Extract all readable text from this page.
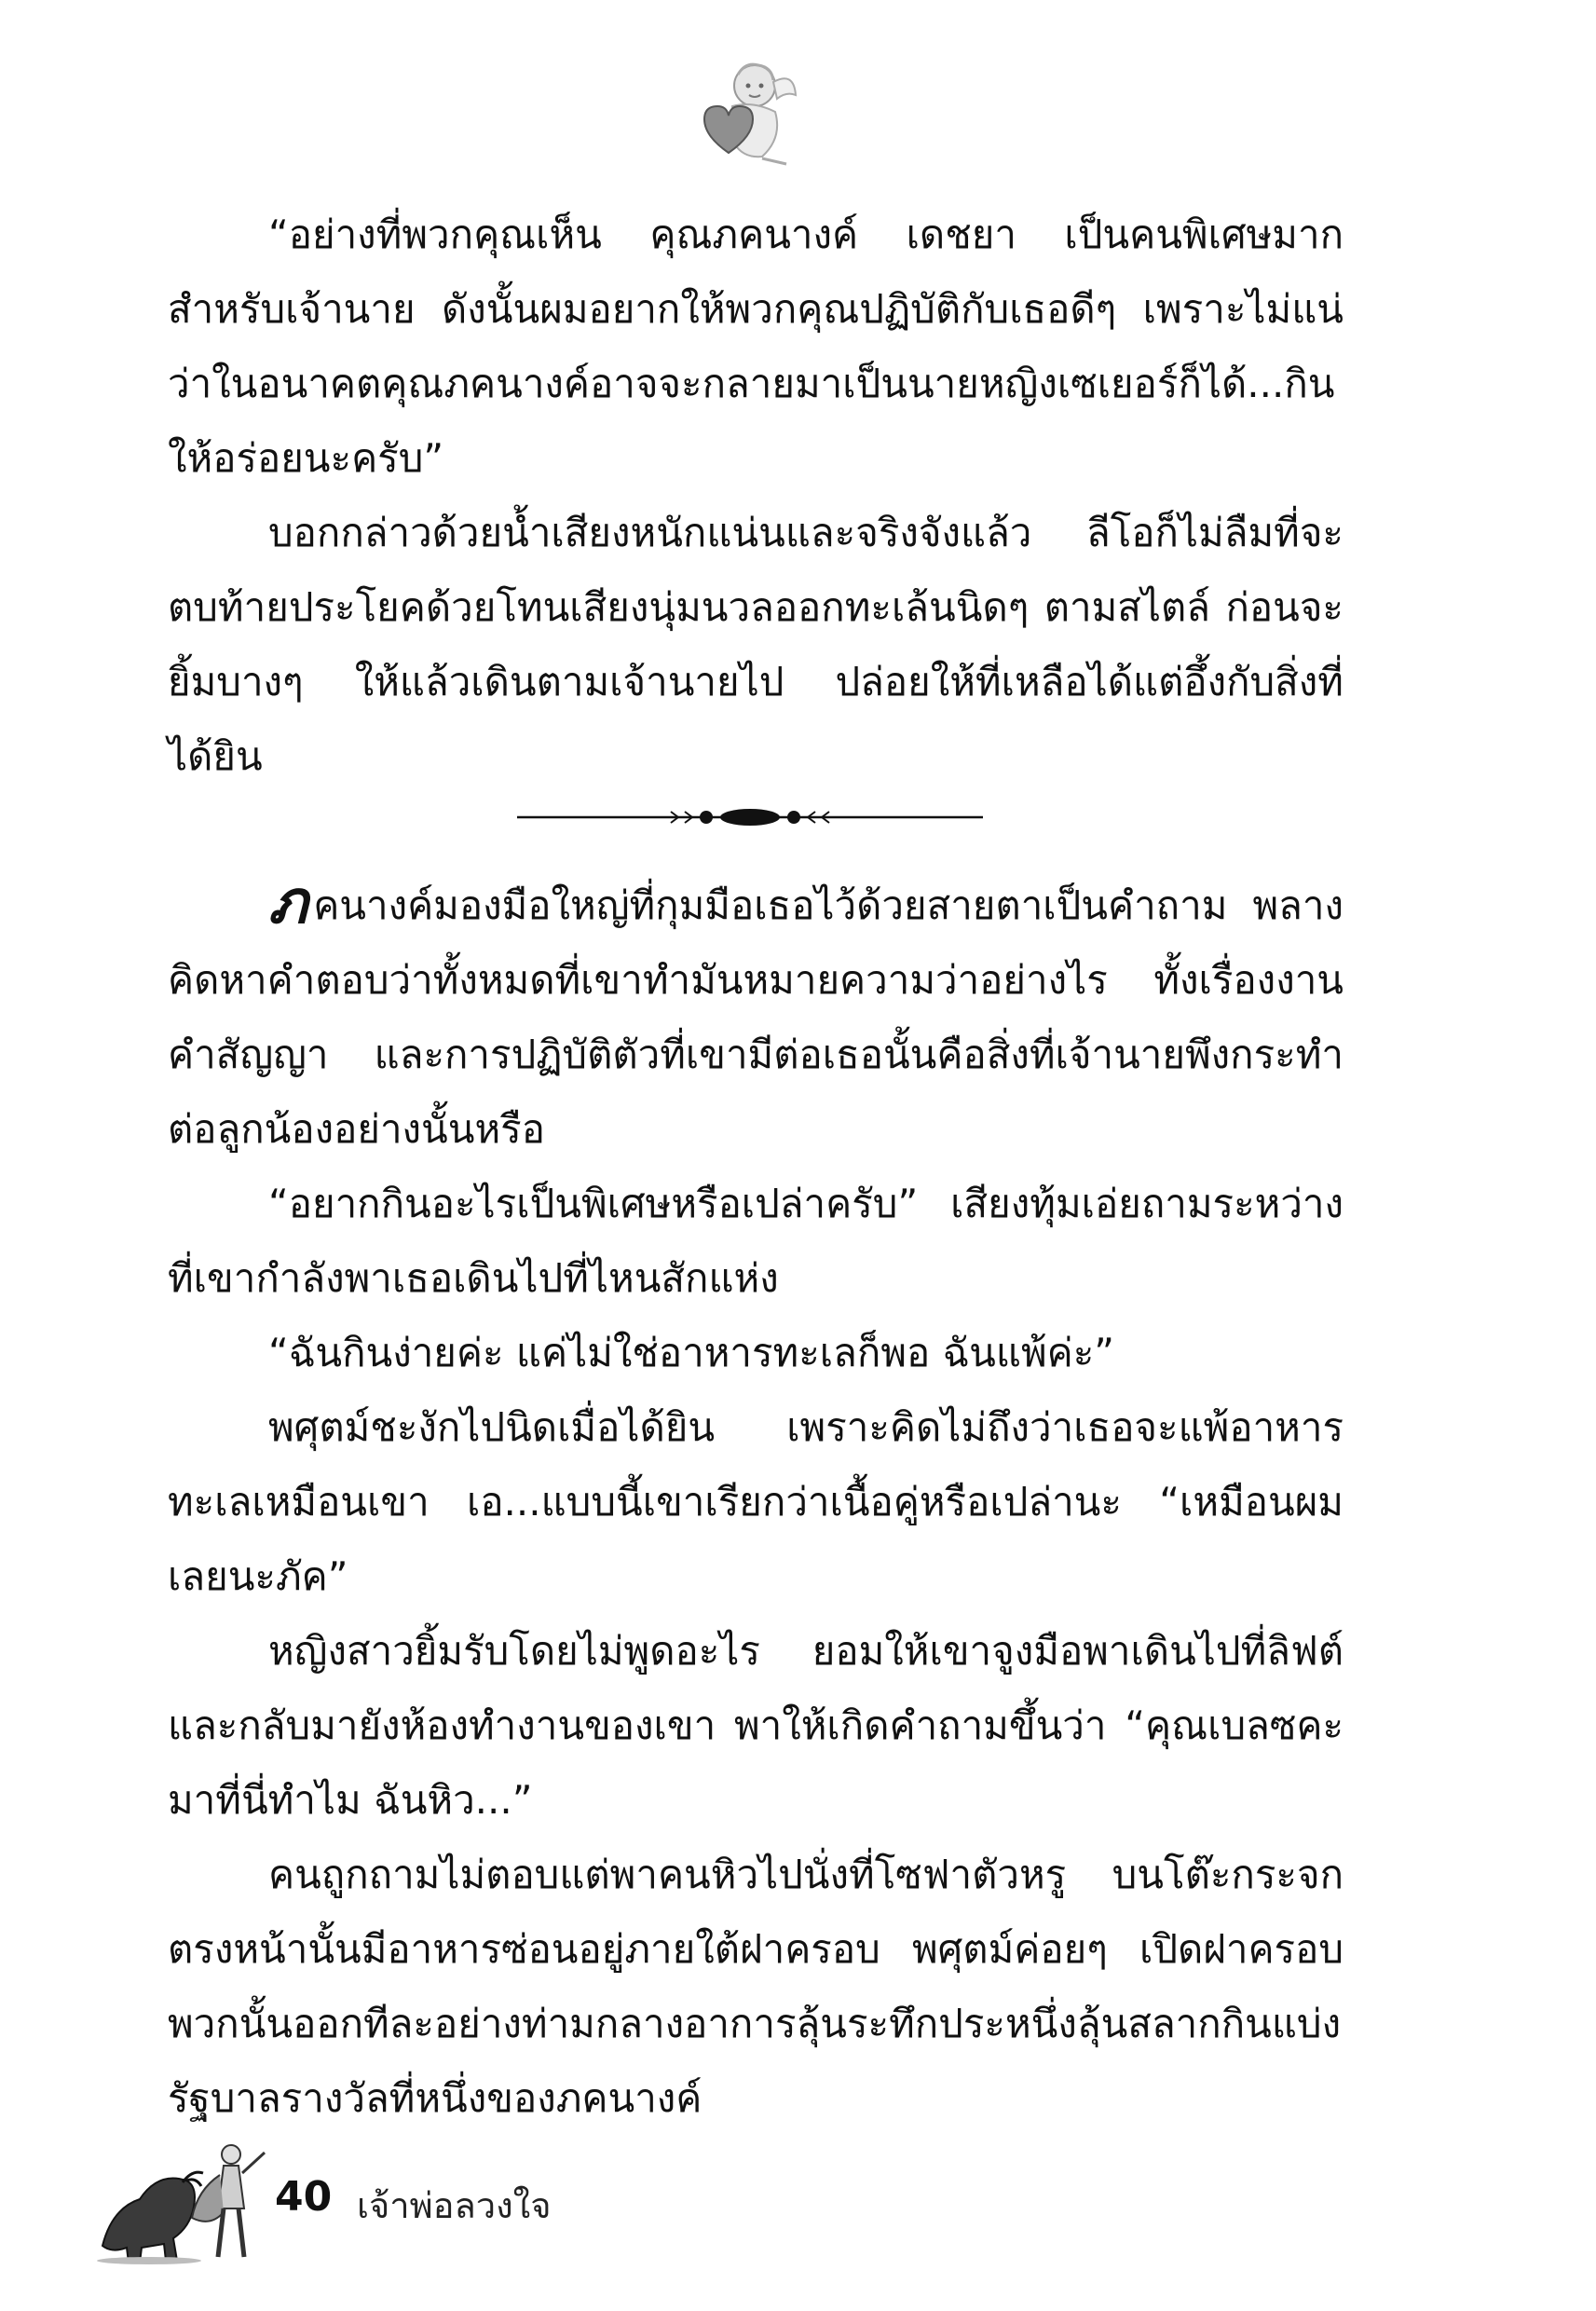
“อย่างที่พวกคุณเห็น คุณภคนางค์ เดชยา เป็นคนพิเศษมากสำหรับเจ้านาย ดังนั้นผมอยากให้พวกคุณปฏิบัติกับเธอดีๆ เพราะไม่แน่ว่าในอนาคตคุณภคนางค์อาจจะกลายมาเป็นนายหญิงเซเยอร์ก็ได้...กินให้อร่อยนะครับ”

บอกกล่าวด้วยน้ำเสียงหนักแน่นและจริงจังแล้ว ลีโอก็ไม่ลืมที่จะตบท้ายประโยคด้วยโทนเสียงนุ่มนวลออกทะเล้นนิดๆ ตามสไตล์ ก่อนจะยิ้มบางๆ ให้แล้วเดินตามเจ้านายไป ปล่อยให้ที่เหลือได้แต่อึ้งกับสิ่งที่ได้ยิน

ภคนางค์มองมือใหญ่ที่กุมมือเธอไว้ด้วยสายตาเป็นคำถาม พลางคิดหาคำตอบว่าทั้งหมดที่เขาทำมันหมายความว่าอย่างไร ทั้งเรื่องงาน คำสัญญา และการปฏิบัติตัวที่เขามีต่อเธอนั้นคือสิ่งที่เจ้านายพึงกระทำต่อลูกน้องอย่างนั้นหรือ

“อยากกินอะไรเป็นพิเศษหรือเปล่าครับ” เสียงทุ้มเอ่ยถามระหว่างที่เขากำลังพาเธอเดินไปที่ไหนสักแห่ง

“ฉันกินง่ายค่ะ แค่ไม่ใช่อาหารทะเลก็พอ ฉันแพ้ค่ะ”

พศุตม์ชะงักไปนิดเมื่อได้ยิน เพราะคิดไม่ถึงว่าเธอจะแพ้อาหารทะเลเหมือนเขา เอ...แบบนี้เขาเรียกว่าเนื้อคู่หรือเปล่านะ “เหมือนผมเลยนะภัค”

หญิงสาวยิ้มรับโดยไม่พูดอะไร ยอมให้เขาจูงมือพาเดินไปที่ลิฟต์และกลับมายังห้องทำงานของเขา พาให้เกิดคำถามขึ้นว่า “คุณเบลซคะมาที่นี่ทำไม ฉันหิว...”

คนถูกถามไม่ตอบแต่พาคนหิวไปนั่งที่โซฟาตัวหรู บนโต๊ะกระจกตรงหน้านั้นมีอาหารซ่อนอยู่ภายใต้ฝาครอบ พศุตม์ค่อยๆ เปิดฝาครอบพวกนั้นออกทีละอย่างท่ามกลางอาการลุ้นระทึกประหนึ่งลุ้นสลากกินแบ่งรัฐบาลรางวัลที่หนึ่งของภคนางค์

40 เจ้าพ่อลวงใจ
